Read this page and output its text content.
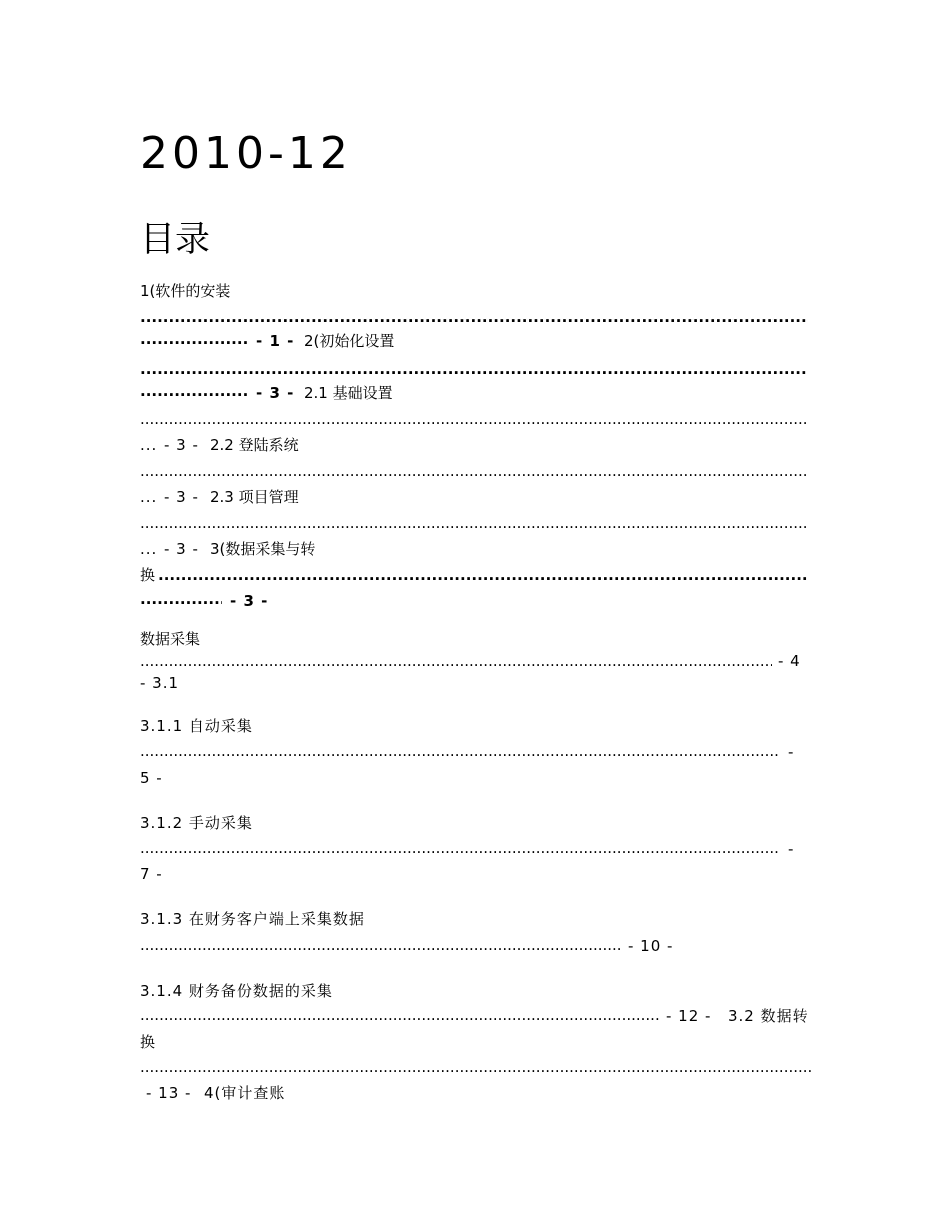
2010-12
目录
1(软件的安装
.....
.....
- 1 - 2(初始化设置
.....
.....
- 3 - 2.1 基础设置
.....
... - 3 - 2.2 登陆系统
.....
... - 3 - 2.3 项目管理
.....
... - 3 - 3(数据采集与转
换
.....
.....
- 3 -
数据采集
.....
- 4
- 3.1
3.1.1 自动采集
.....
-
5 -
3.1.2 手动采集
.....
-
7 -
3.1.3 在财务客户端上采集数据
.....
- 10 -
3.1.4 财务备份数据的采集
.....
- 12 - 3.2 数据转
换
.....
- 13 - 4(审计查账
